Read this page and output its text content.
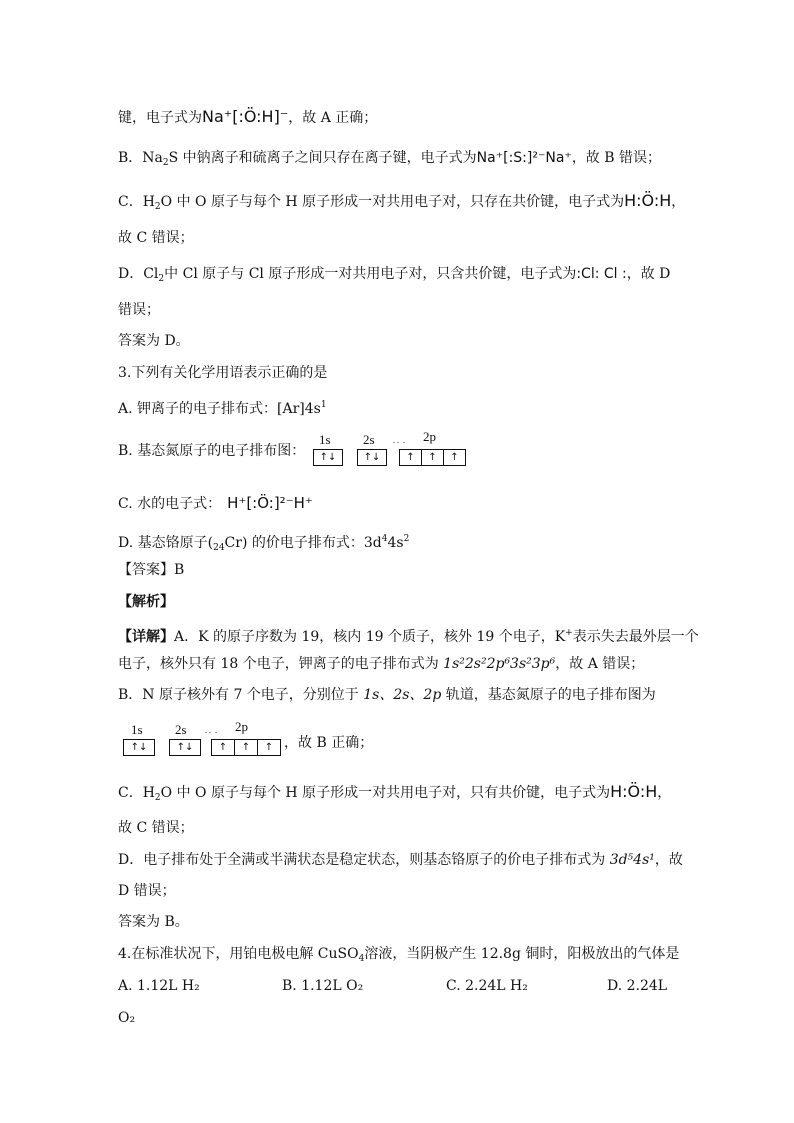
键，电子式为Na⁺[:Ö:H]⁻，故 A 正确；
B．$Na_2S$ 中钠离子和硫离子之间只存在离子键，电子式为Na⁺[:S:]²⁻Na⁺，故 B 错误；
C．$H_2O$ 中 O 原子与每个 H 原子形成一对共用电子对，只存在共价键，电子式为H:Ö:H，
故 C 错误；
D．$Cl_2$中 Cl 原子与 Cl 原子形成一对共用电子对，只含共价键，电子式为:Cl: Cl :，故 D
错误；
答案为 D。
3.下列有关化学用语表示正确的是
A. 钾离子的电子排布式：$[Ar]4s^1$
B. 基态氮原子的电子排布图：
1s 2s	2p
↑↓	↑↓	↑	↑	↑
C. 水的电子式： H⁺[:Ö:]²⁻H⁺
D. 基态铬原子$(_{24}Cr)$ 的价电子排布式：$3d^44s^2$
【答案】B
【解析】
【详解】A．K 的原子序数为 19，核内 19 个质子，核外 19 个电子，K+表示失去最外层一个
电子，核外只有 18 个电子，钾离子的电子排布式为 1s²2s²2p⁶3s²3p⁶，故 A 错误；
B．N 原子核外有 7 个电子，分别位于 1s、2s、2p 轨道，基态氮原子的电子排布图为
1s 2s	2p
↑↓	↑↓	↑	↑	↑ ，故 B 正确；
C．$H_2O$ 中 O 原子与每个 H 原子形成一对共用电子对，只有共价键，电子式为H:Ö:H，
故 C 错误；
D．电子排布处于全满或半满状态是稳定状态，则基态铬原子的价电子排布式为 3d⁵4s¹，故
D 错误；
答案为 B。
4.在标准状况下，用铂电极电解 CuSO$_4$溶液，当阴极产生 12.8g 铜时，阳极放出的气体是
A. 1.12L H₂	B. 1.12L O₂	C. 2.24L H₂	D. 2.24L
O₂
